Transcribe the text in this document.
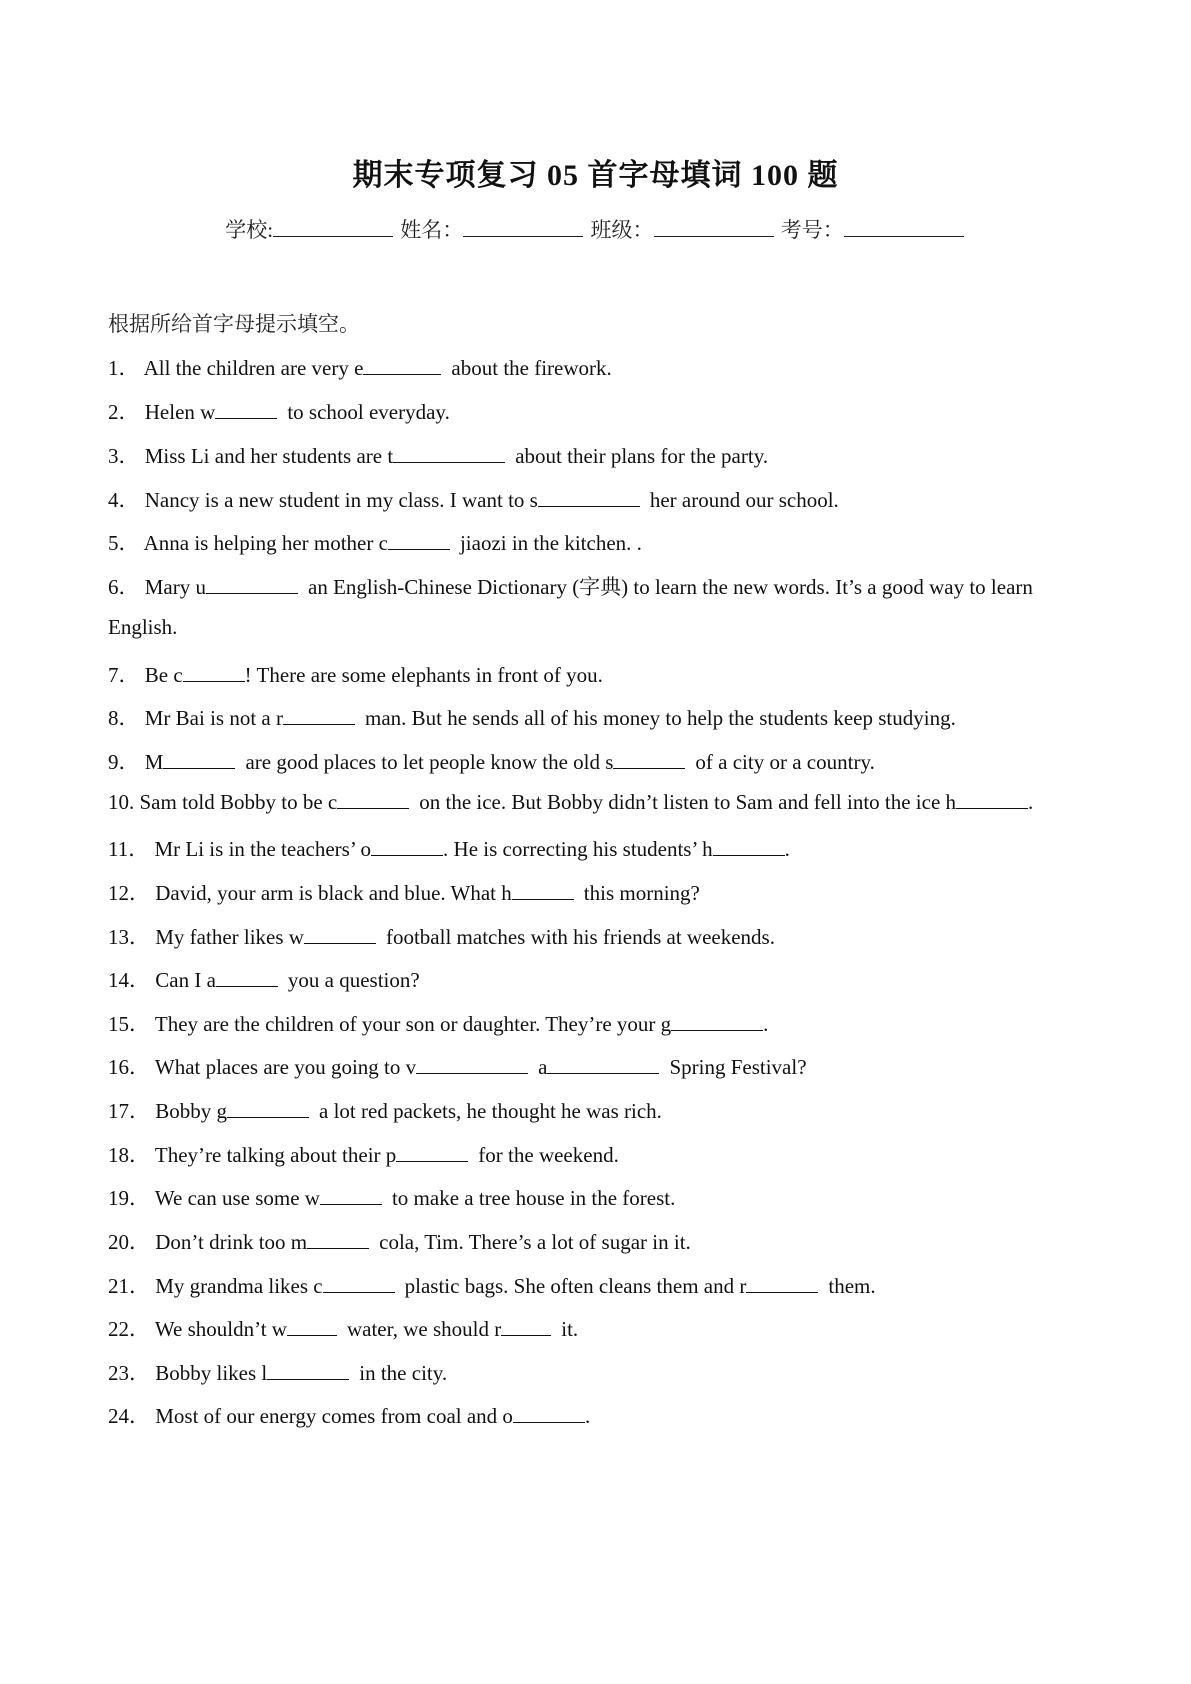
期末专项复习 05 首字母填词 100 题
学校:	姓名：	班级：	考号：
根据所给首字母提示填空。
1． All the children are very e	about the firework.
2． Helen w	to school everyday.
3． Miss Li and her students are t	about their plans for the party.
4． Nancy is a new student in my class. I want to s	her around our school.
5． Anna is helping her mother c	jiaozi in the kitchen. .
6． Mary u	an English-Chinese Dictionary (字典) to learn the new words. It’s a good way to learn
English.
7． Be c	! There are some elephants in front of you.
8． Mr Bai is not a r	man. But he sends all of his money to help the students keep studying.
9． M	are good places to let people know the old s	of a city or a country.
10. Sam told Bobby to be c	on the ice. But Bobby didn’t listen to Sam and fell into the ice h	.
11． Mr Li is in the teachers’ o	. He is correcting his students’ h	.
12． David, your arm is black and blue. What h	this morning?
13． My father likes w	football matches with his friends at weekends.
14． Can I a	you a question?
15． They are the children of your son or daughter. They’re your g	.
16． What places are you going to v	a	Spring Festival?
17． Bobby g	a lot red packets, he thought he was rich.
18． They’re talking about their p	for the weekend.
19． We can use some w	to make a tree house in the forest.
20． Don’t drink too m	cola, Tim. There’s a lot of sugar in it.
21． My grandma likes c	plastic bags. She often cleans them and r	them.
22． We shouldn’t w	water, we should r	it.
23． Bobby likes l	in the city.
24． Most of our energy comes from coal and o	.
